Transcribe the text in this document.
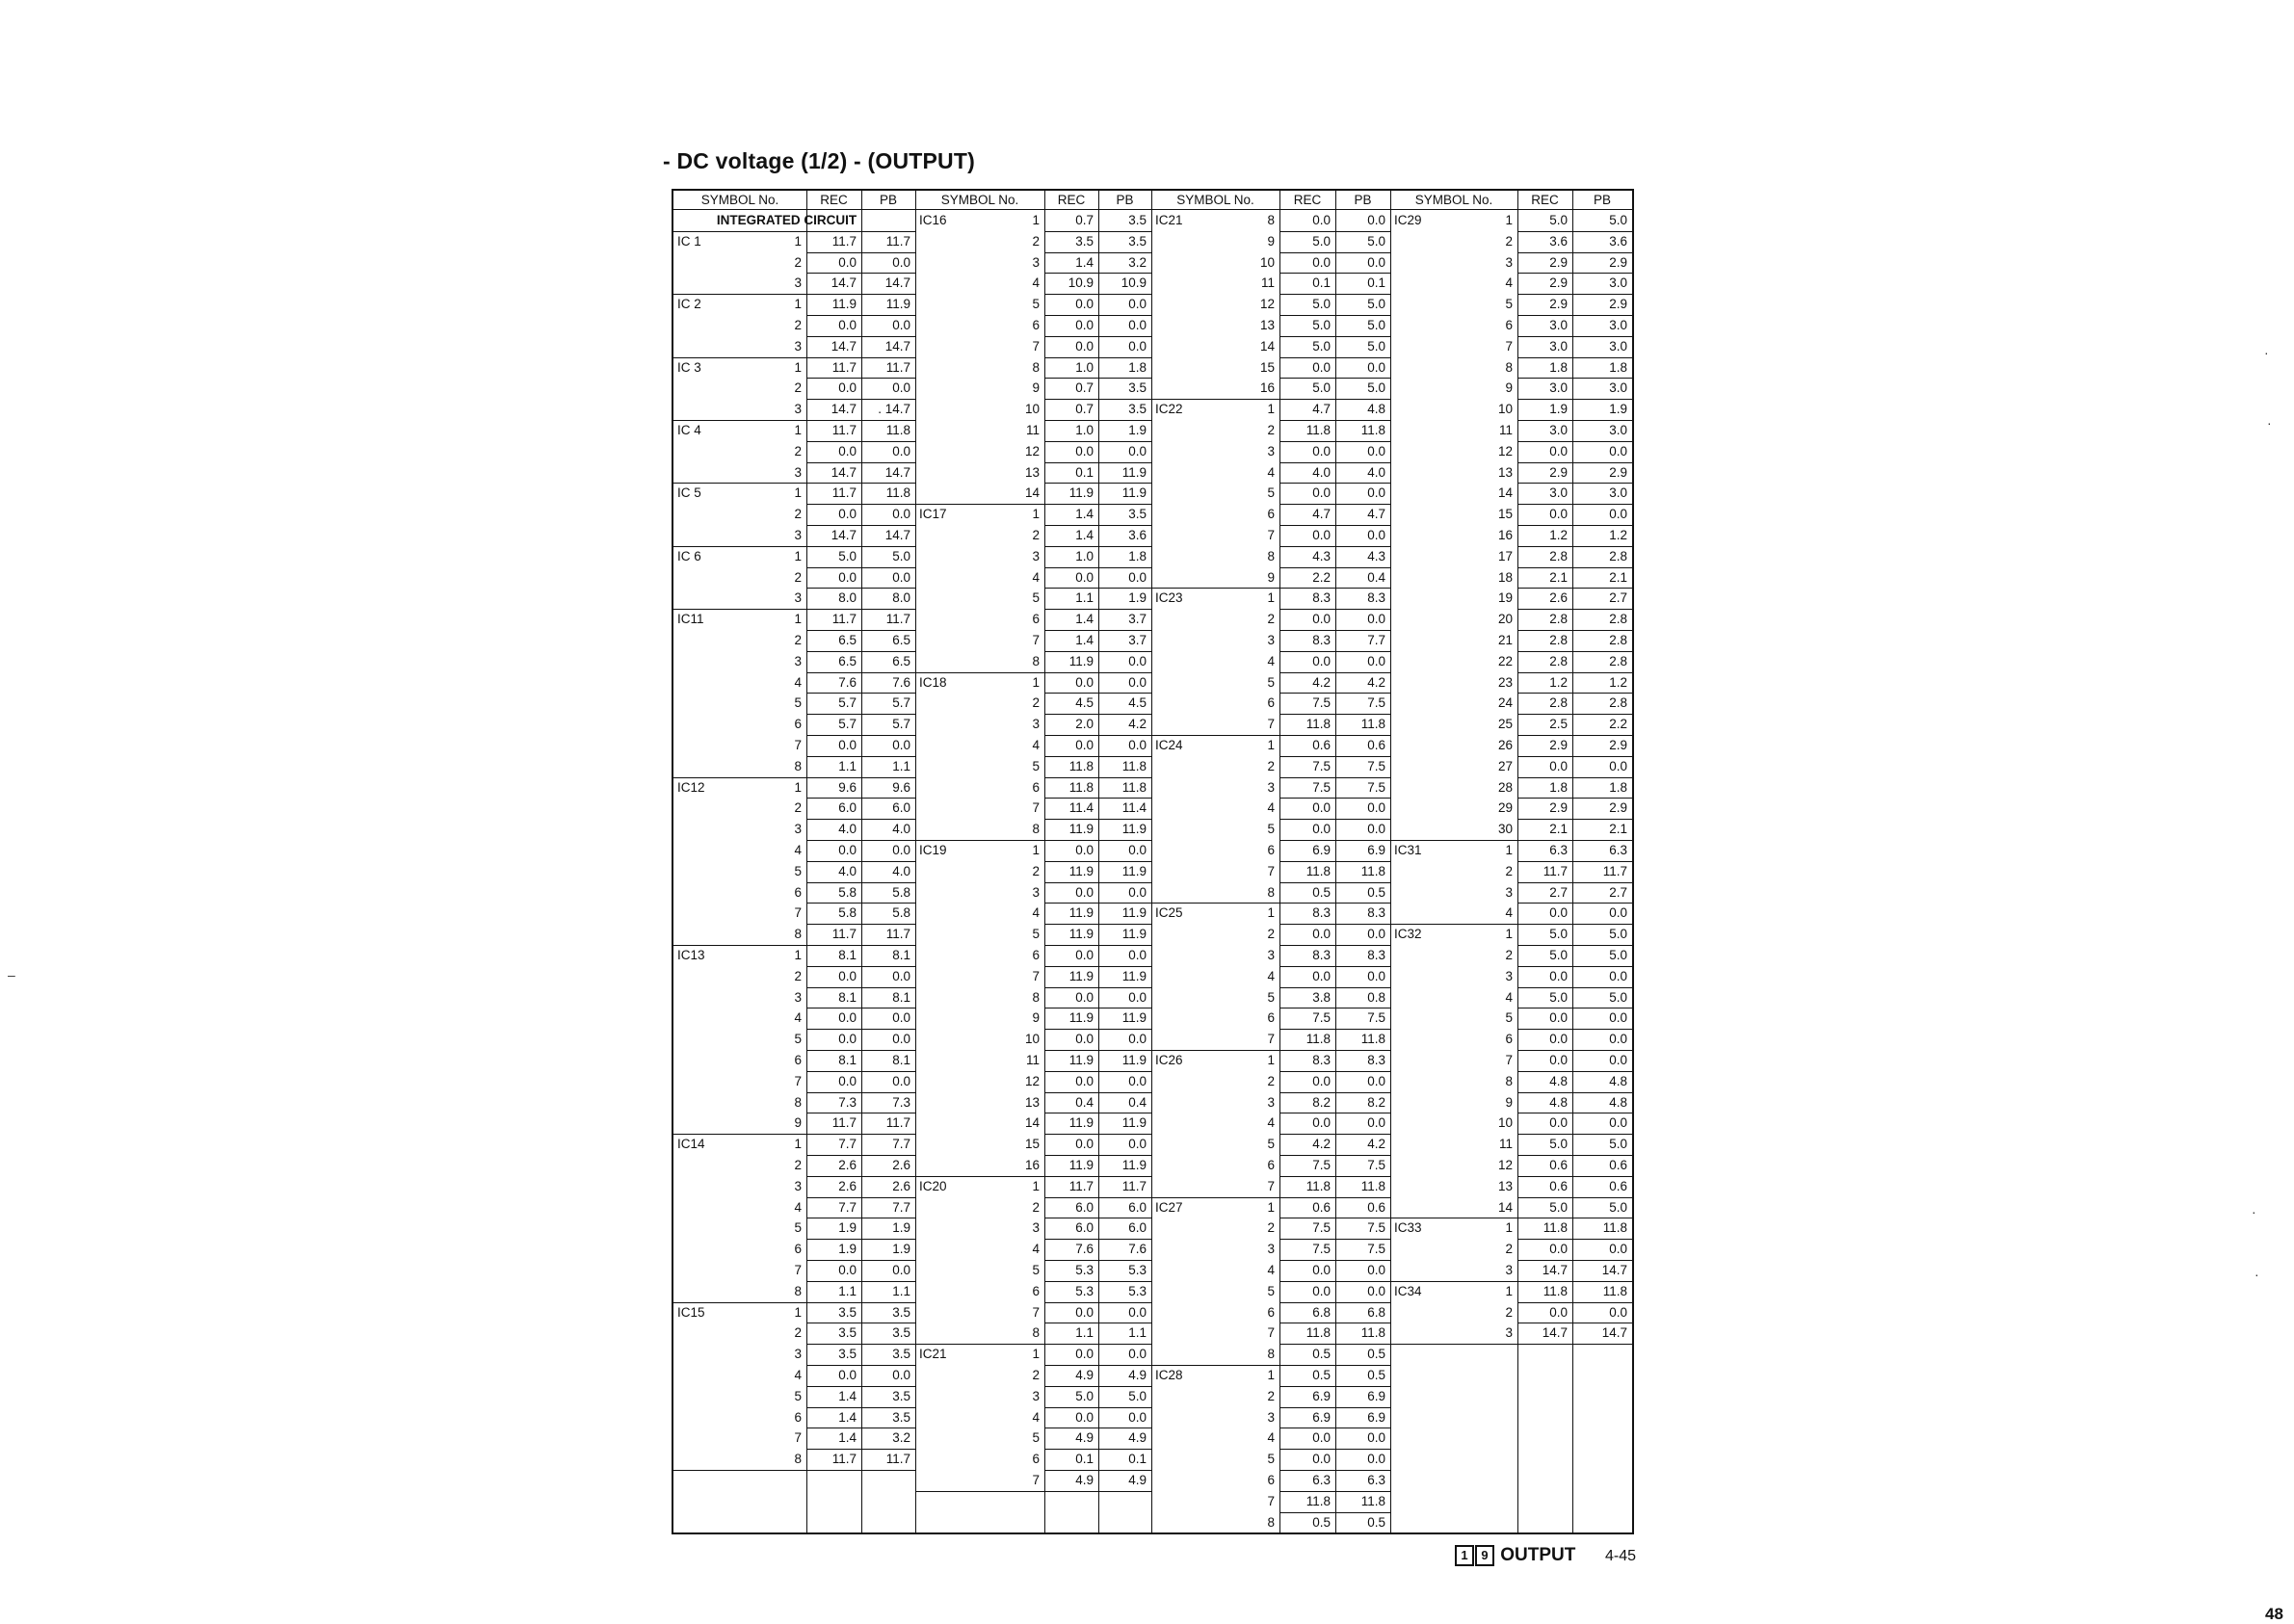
- DC voltage (1/2) - (OUTPUT)
SYMBOL No.	REC	PB
INTEGRATED CIRCUIT
IC 1	1	11.7	11.7
2	0.0	0.0
3	14.7	14.7
IC 2	1	11.9	11.9
2	0.0	0.0
3	14.7	14.7
IC 3	1	11.7	11.7
2	0.0	0.0
3	14.7	. 14.7
IC 4	1	11.7	11.8
2	0.0	0.0
3	14.7	14.7
IC 5	1	11.7	11.8
2	0.0	0.0
3	14.7	14.7
IC 6	1	5.0	5.0
2	0.0	0.0
3	8.0	8.0
IC11	1	11.7	11.7
2	6.5	6.5
3	6.5	6.5
4	7.6	7.6
5	5.7	5.7
6	5.7	5.7
7	0.0	0.0
8	1.1	1.1
IC12	1	9.6	9.6
2	6.0	6.0
3	4.0	4.0
4	0.0	0.0
5	4.0	4.0
6	5.8	5.8
7	5.8	5.8
8	11.7	11.7
IC13	1	8.1	8.1
2	0.0	0.0
3	8.1	8.1
4	0.0	0.0
5	0.0	0.0
6	8.1	8.1
7	0.0	0.0
8	7.3	7.3
9	11.7	11.7
IC14	1	7.7	7.7
2	2.6	2.6
3	2.6	2.6
4	7.7	7.7
5	1.9	1.9
6	1.9	1.9
7	0.0	0.0
8	1.1	1.1
IC15	1	3.5	3.5
2	3.5	3.5
3	3.5	3.5
4	0.0	0.0
5	1.4	3.5
6	1.4	3.5
7	1.4	3.2
8	11.7	11.7
SYMBOL No.	REC	PB
IC16	1	0.7	3.5
2	3.5	3.5
3	1.4	3.2
4	10.9	10.9
5	0.0	0.0
6	0.0	0.0
7	0.0	0.0
8	1.0	1.8
9	0.7	3.5
10	0.7	3.5
11	1.0	1.9
12	0.0	0.0
13	0.1	11.9
14	11.9	11.9
IC17	1	1.4	3.5
2	1.4	3.6
3	1.0	1.8
4	0.0	0.0
5	1.1	1.9
6	1.4	3.7
7	1.4	3.7
8	11.9	0.0
IC18	1	0.0	0.0
2	4.5	4.5
3	2.0	4.2
4	0.0	0.0
5	11.8	11.8
6	11.8	11.8
7	11.4	11.4
8	11.9	11.9
IC19	1	0.0	0.0
2	11.9	11.9
3	0.0	0.0
4	11.9	11.9
5	11.9	11.9
6	0.0	0.0
7	11.9	11.9
8	0.0	0.0
9	11.9	11.9
10	0.0	0.0
11	11.9	11.9
12	0.0	0.0
13	0.4	0.4
14	11.9	11.9
15	0.0	0.0
16	11.9	11.9
IC20	1	11.7	11.7
2	6.0	6.0
3	6.0	6.0
4	7.6	7.6
5	5.3	5.3
6	5.3	5.3
7	0.0	0.0
8	1.1	1.1
IC21	1	0.0	0.0
2	4.9	4.9
3	5.0	5.0
4	0.0	0.0
5	4.9	4.9
6	0.1	0.1
7	4.9	4.9
SYMBOL No.	REC	PB
IC21	8	0.0	0.0
9	5.0	5.0
10	0.0	0.0
11	0.1	0.1
12	5.0	5.0
13	5.0	5.0
14	5.0	5.0
15	0.0	0.0
16	5.0	5.0
IC22	1	4.7	4.8
2	11.8	11.8
3	0.0	0.0
4	4.0	4.0
5	0.0	0.0
6	4.7	4.7
7	0.0	0.0
8	4.3	4.3
9	2.2	0.4
IC23	1	8.3	8.3
2	0.0	0.0
3	8.3	7.7
4	0.0	0.0
5	4.2	4.2
6	7.5	7.5
7	11.8	11.8
IC24	1	0.6	0.6
2	7.5	7.5
3	7.5	7.5
4	0.0	0.0
5	0.0	0.0
6	6.9	6.9
7	11.8	11.8
8	0.5	0.5
IC25	1	8.3	8.3
2	0.0	0.0
3	8.3	8.3
4	0.0	0.0
5	3.8	0.8
6	7.5	7.5
7	11.8	11.8
IC26	1	8.3	8.3
2	0.0	0.0
3	8.2	8.2
4	0.0	0.0
5	4.2	4.2
6	7.5	7.5
7	11.8	11.8
IC27	1	0.6	0.6
2	7.5	7.5
3	7.5	7.5
4	0.0	0.0
5	0.0	0.0
6	6.8	6.8
7	11.8	11.8
8	0.5	0.5
IC28	1	0.5	0.5
2	6.9	6.9
3	6.9	6.9
4	0.0	0.0
5	0.0	0.0
6	6.3	6.3
7	11.8	11.8
8	0.5	0.5
SYMBOL No.	REC	PB
IC29	1	5.0	5.0
2	3.6	3.6
3	2.9	2.9
4	2.9	3.0
5	2.9	2.9
6	3.0	3.0
7	3.0	3.0
8	1.8	1.8
9	3.0	3.0
10	1.9	1.9
11	3.0	3.0
12	0.0	0.0
13	2.9	2.9
14	3.0	3.0
15	0.0	0.0
16	1.2	1.2
17	2.8	2.8
18	2.1	2.1
19	2.6	2.7
20	2.8	2.8
21	2.8	2.8
22	2.8	2.8
23	1.2	1.2
24	2.8	2.8
25	2.5	2.2
26	2.9	2.9
27	0.0	0.0
28	1.8	1.8
29	2.9	2.9
30	2.1	2.1
IC31	1	6.3	6.3
2	11.7	11.7
3	2.7	2.7
4	0.0	0.0
IC32	1	5.0	5.0
2	5.0	5.0
3	0.0	0.0
4	5.0	5.0
5	0.0	0.0
6	0.0	0.0
7	0.0	0.0
8	4.8	4.8
9	4.8	4.8
10	0.0	0.0
11	5.0	5.0
12	0.6	0.6
13	0.6	0.6
14	5.0	5.0
IC33	1	11.8	11.8
2	0.0	0.0
3	14.7	14.7
IC34	1	11.8	11.8
2	0.0	0.0
3	14.7	14.7
1 9 OUTPUT 4-45
48
·
·
·
·
–
